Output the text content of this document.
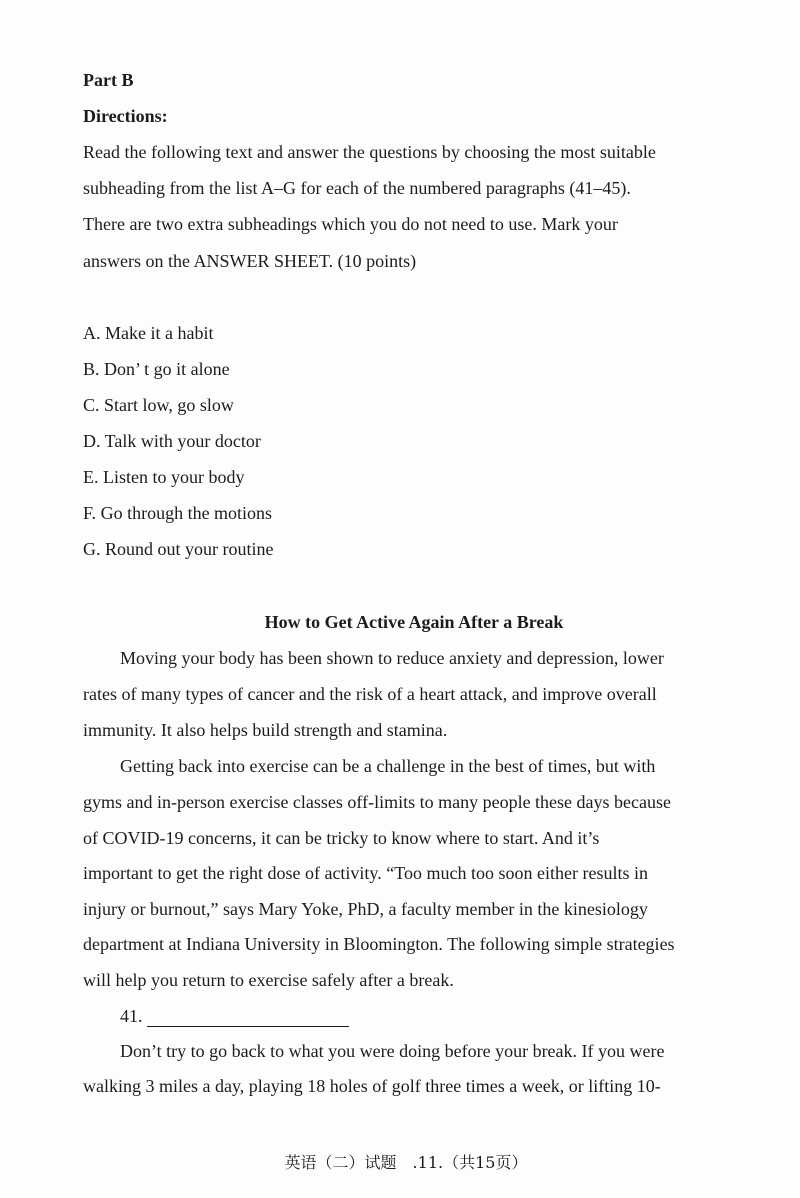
Part B
Directions:
Read the following text and answer the questions by choosing the most suitable
subheading from the list A–G for each of the numbered paragraphs (41–45).
There are two extra subheadings which you do not need to use. Mark your
answers on the ANSWER SHEET. (10 points)
A. Make it a habit
B. Don’ t go it alone
C. Start low, go slow
D. Talk with your doctor
E. Listen to your body
F. Go through the motions
G. Round out your routine
How to Get Active Again After a Break
Moving your body has been shown to reduce anxiety and depression, lower
rates of many types of cancer and the risk of a heart attack, and improve overall
immunity. It also helps build strength and stamina.
Getting back into exercise can be a challenge in the best of times, but with
gyms and in-person exercise classes off-limits to many people these days because
of COVID-19 concerns, it can be tricky to know where to start. And it’s
important to get the right dose of activity. “Too much too soon either results in
injury or burnout,” says Mary Yoke, PhD, a faculty member in the kinesiology
department at Indiana University in Bloomington. The following simple strategies
will help you return to exercise safely after a break.
41.
Don’t try to go back to what you were doing before your break. If you were
walking 3 miles a day, playing 18 holes of golf three times a week, or lifting 10-
英语（二）试题　.11.（共15页）
